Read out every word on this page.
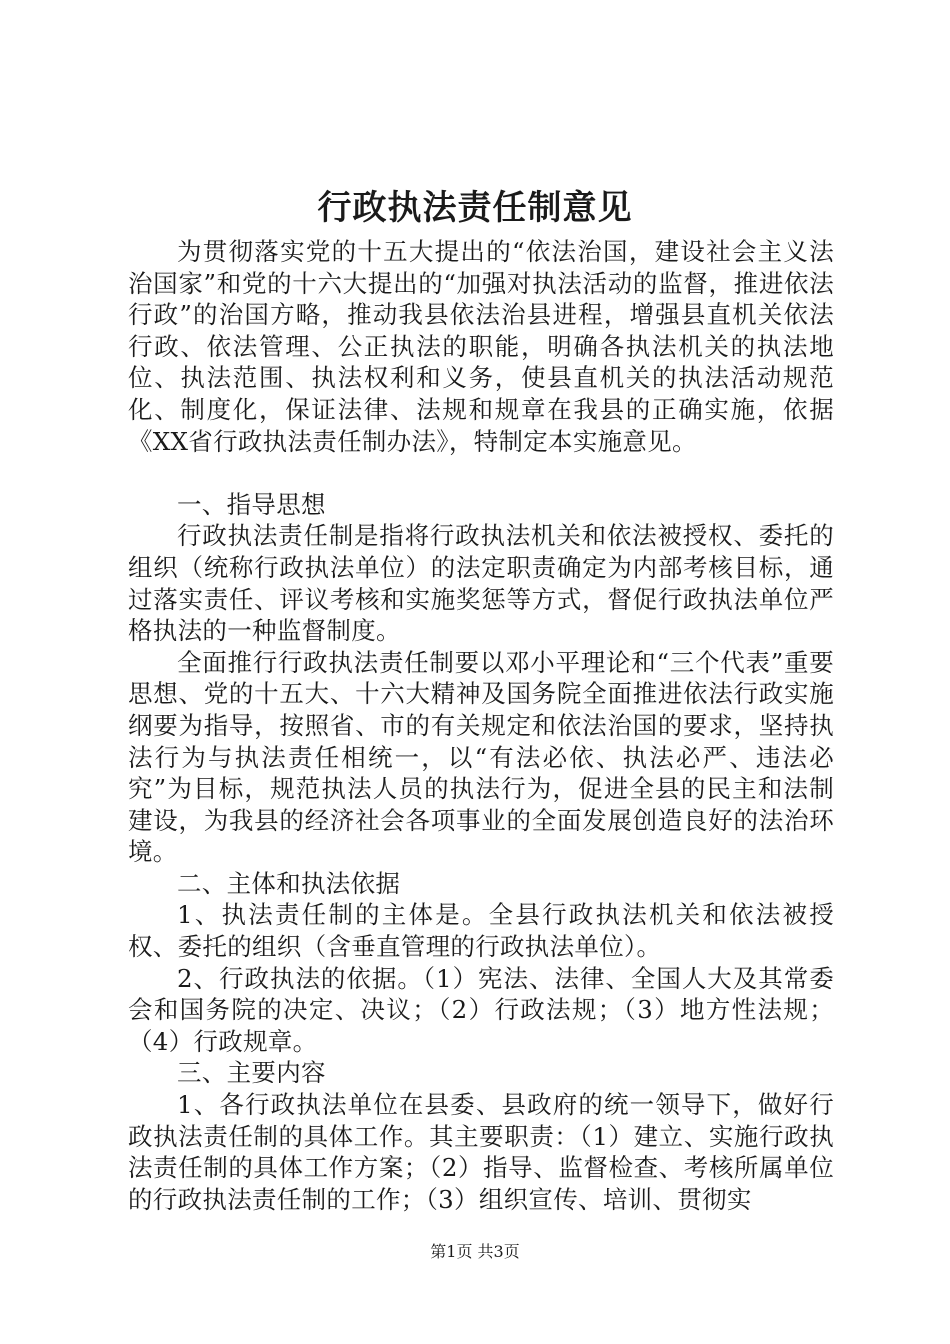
行政执法责任制意见

为贯彻落实党的十五大提出的“依法治国，建设社会主义法治国家”和党的十六大提出的“加强对执法活动的监督，推进依法行政”的治国方略，推动我县依法治县进程，增强县直机关依法行政、依法管理、公正执法的职能，明确各执法机关的执法地位、执法范围、执法权利和义务，使县直机关的执法活动规范化、制度化，保证法律、法规和规章在我县的正确实施，依据《XX省行政执法责任制办法》，特制定本实施意见。

一、指导思想

行政执法责任制是指将行政执法机关和依法被授权、委托的组织（统称行政执法单位）的法定职责确定为内部考核目标，通过落实责任、评议考核和实施奖惩等方式，督促行政执法单位严格执法的一种监督制度。

全面推行行政执法责任制要以邓小平理论和“三个代表”重要思想、党的十五大、十六大精神及国务院全面推进依法行政实施纲要为指导，按照省、市的有关规定和依法治国的要求，坚持执法行为与执法责任相统一，以“有法必依、执法必严、违法必究”为目标，规范执法人员的执法行为，促进全县的民主和法制建设，为我县的经济社会各项事业的全面发展创造良好的法治环境。

二、主体和执法依据

1、执法责任制的主体是。全县行政执法机关和依法被授权、委托的组织（含垂直管理的行政执法单位）。

2、行政执法的依据。（1）宪法、法律、全国人大及其常委会和国务院的决定、决议；（2）行政法规；（3）地方性法规；（4）行政规章。

三、主要内容

1、各行政执法单位在县委、县政府的统一领导下，做好行政执法责任制的具体工作。其主要职责：（1）建立、实施行政执法责任制的具体工作方案；（2）指导、监督检查、考核所属单位的行政执法责任制的工作；（3）组织宣传、培训、贯彻实

第1页 共3页
